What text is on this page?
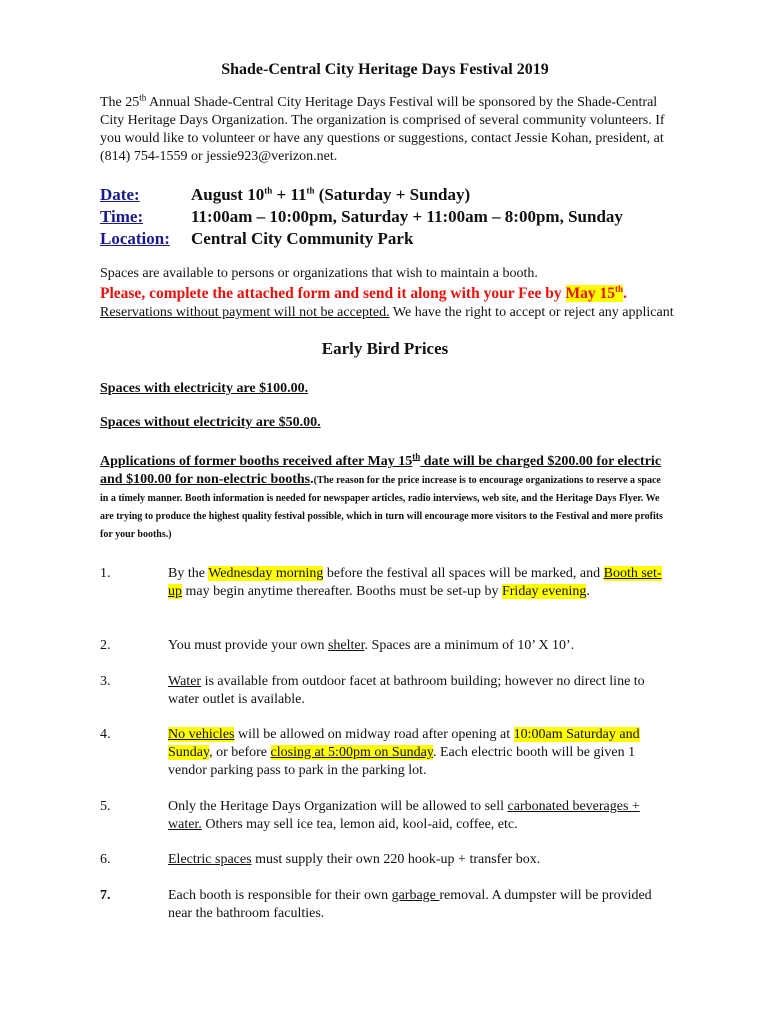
Shade-Central City Heritage Days Festival 2019

The 25th Annual Shade-Central City Heritage Days Festival will be sponsored by the Shade-Central City Heritage Days Organization. The organization is comprised of several community volunteers. If you would like to volunteer or have any questions or suggestions, contact Jessie Kohan, president, at (814) 754-1559 or jessie923@verizon.net.

Date:	August 10th + 11th (Saturday + Sunday)
Time:	11:00am – 10:00pm, Saturday + 11:00am – 8:00pm, Sunday
Location:	Central City Community Park

Spaces are available to persons or organizations that wish to maintain a booth.

Please, complete the attached form and send it along with your Fee by May 15th.

Reservations without payment will not be accepted. We have the right to accept or reject any applicant

Early Bird Prices

Spaces with electricity are $100.00.

Spaces without electricity are $50.00.

Applications of former booths received after May 15th date will be charged $200.00 for electric and $100.00 for non-electric booths.(The reason for the price increase is to encourage organizations to reserve a space in a timely manner. Booth information is needed for newspaper articles, radio interviews, web site, and the Heritage Days Flyer. We are trying to produce the highest quality festival possible, which in turn will encourage more visitors to the Festival and more profits for your booths.)

1.	By the Wednesday morning before the festival all spaces will be marked, and Booth set-up may begin anytime thereafter. Booths must be set-up by Friday evening.
2.	You must provide your own shelter. Spaces are a minimum of 10’ X 10’.
3.	Water is available from outdoor facet at bathroom building; however no direct line to water outlet is available.
4.	No vehicles will be allowed on midway road after opening at 10:00am Saturday and Sunday, or before closing at 5:00pm on Sunday. Each electric booth will be given 1 vendor parking pass to park in the parking lot.
5.	Only the Heritage Days Organization will be allowed to sell carbonated beverages + water. Others may sell ice tea, lemon aid, kool-aid, coffee, etc.
6.	Electric spaces must supply their own 220 hook-up + transfer box.
7.	Each booth is responsible for their own garbage removal. A dumpster will be provided near the bathroom faculties.
